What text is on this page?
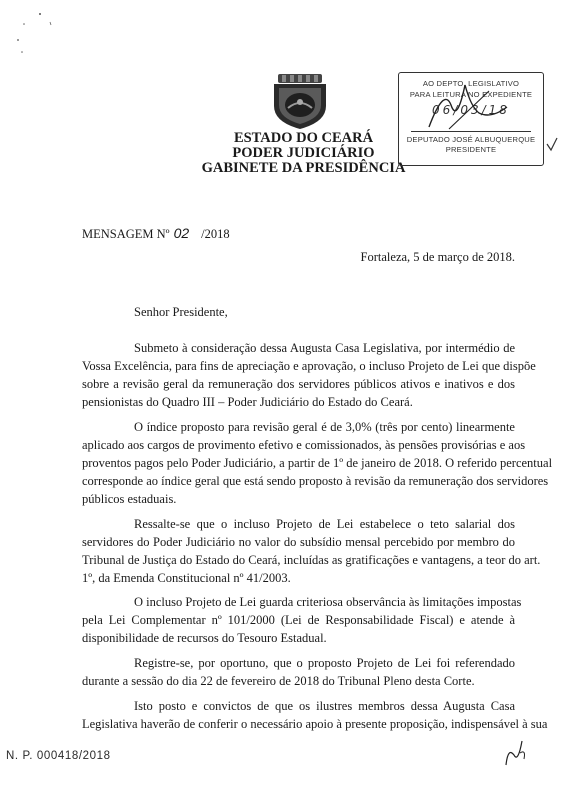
ESTADO DO CEARÁ
PODER JUDICIÁRIO
GABINETE DA PRESIDÊNCIA
AO DEPTO. LEGISLATIVO
PARA LEITURA NO EXPEDIENTE
06/03/18
DEPUTADO JOSÉ ALBUQUERQUE
PRESIDENTE
MENSAGEM Nº 02 /2018
Fortaleza, 5 de março de 2018.
Senhor Presidente,
Submeto à consideração dessa Augusta Casa Legislativa, por intermédio de
Vossa Excelência, para fins de apreciação e aprovação, o incluso Projeto de Lei que dispõe
sobre a revisão geral da remuneração dos servidores públicos ativos e inativos e dos
pensionistas do Quadro III – Poder Judiciário do Estado do Ceará.
O índice proposto para revisão geral é de 3,0% (três por cento) linearmente
aplicado aos cargos de provimento efetivo e comissionados, às pensões provisórias e aos
proventos pagos pelo Poder Judiciário, a partir de 1º de janeiro de 2018. O referido percentual
corresponde ao índice geral que está sendo proposto à revisão da remuneração dos servidores
públicos estaduais.
Ressalte-se que o incluso Projeto de Lei estabelece o teto salarial dos
servidores do Poder Judiciário no valor do subsídio mensal percebido por membro do
Tribunal de Justiça do Estado do Ceará, incluídas as gratificações e vantagens, a teor do art.
1º, da Emenda Constitucional nº 41/2003.
O incluso Projeto de Lei guarda criteriosa observância às limitações impostas
pela Lei Complementar nº 101/2000 (Lei de Responsabilidade Fiscal) e atende à
disponibilidade de recursos do Tesouro Estadual.
Registre-se, por oportuno, que o proposto Projeto de Lei foi referendado
durante a sessão do dia 22 de fevereiro de 2018 do Tribunal Pleno desta Corte.
Isto posto e convictos de que os ilustres membros dessa Augusta Casa
Legislativa haverão de conferir o necessário apoio à presente proposição, indispensável à sua
N. P. 000418/2018
